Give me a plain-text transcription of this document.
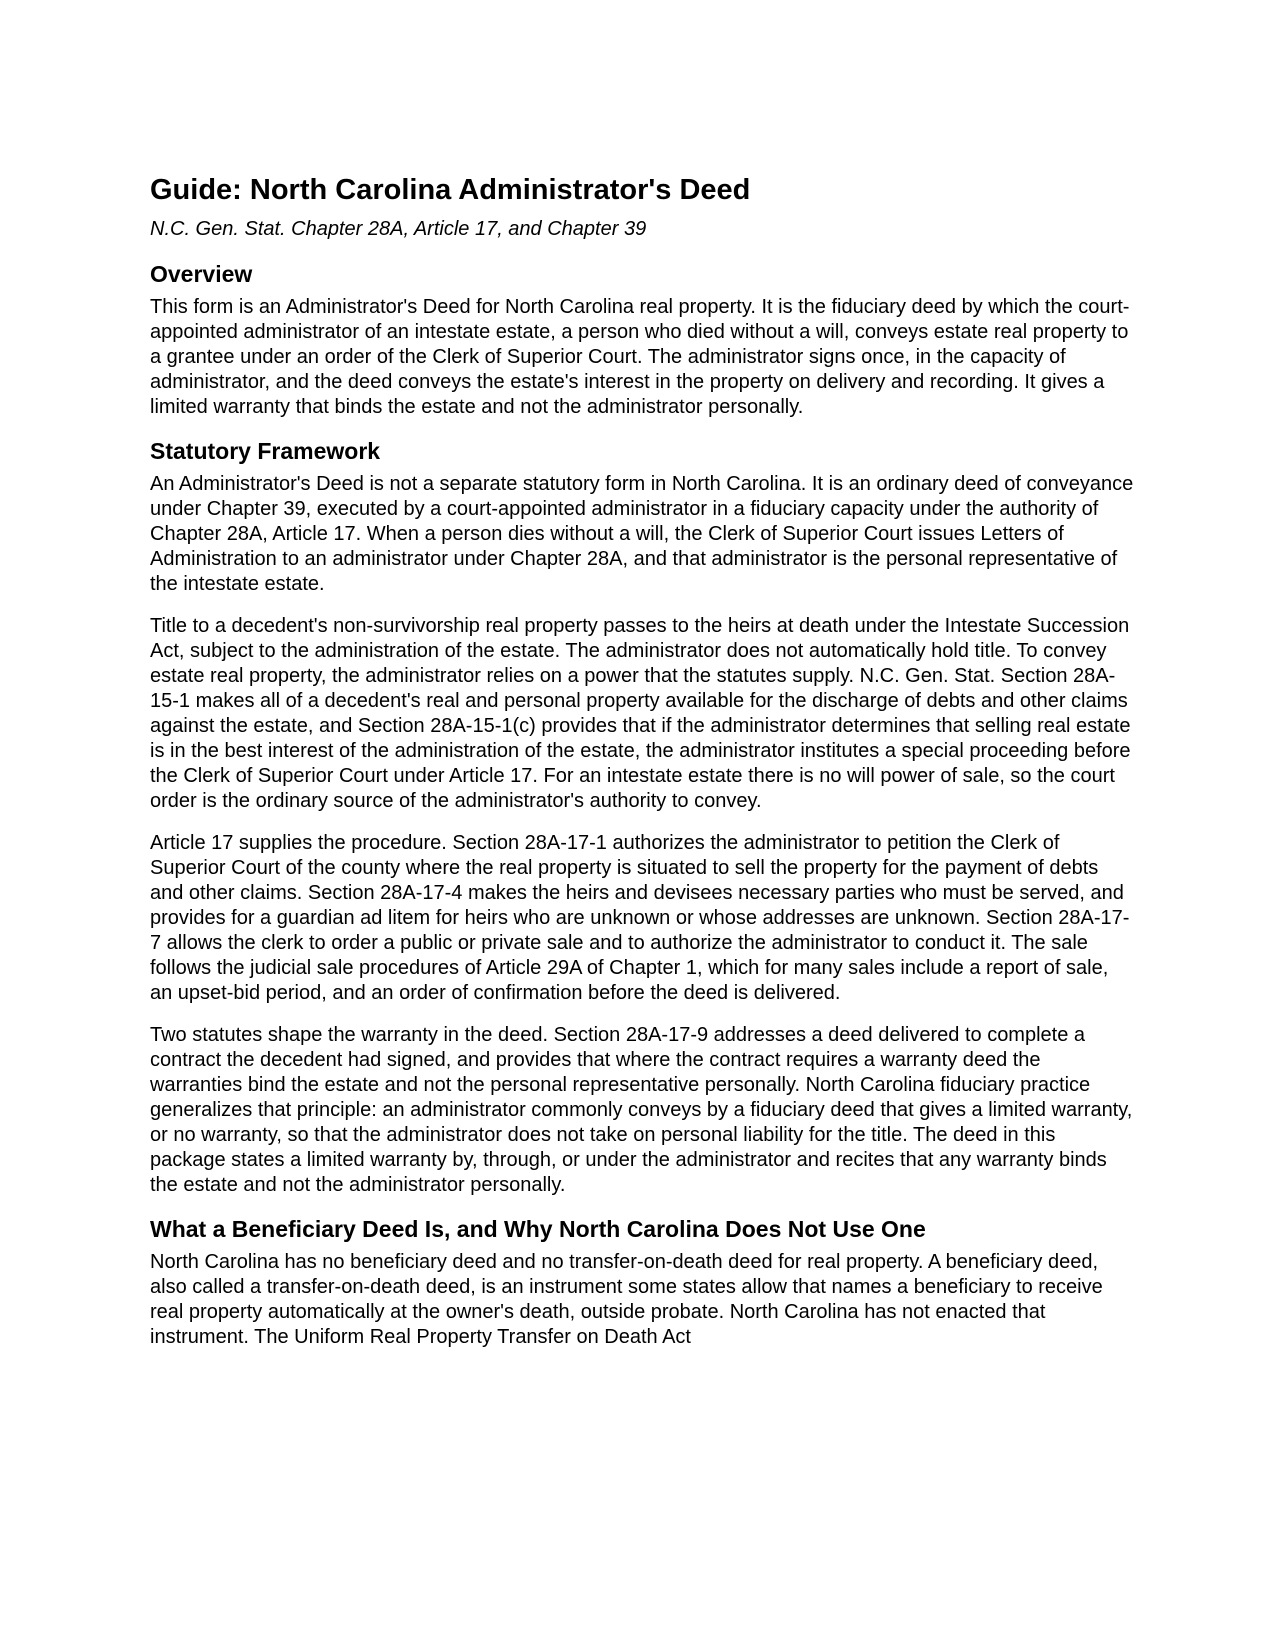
Guide: North Carolina Administrator's Deed
N.C. Gen. Stat. Chapter 28A, Article 17, and Chapter 39
Overview

This form is an Administrator's Deed for North Carolina real property. It is the fiduciary deed by which the court-appointed administrator of an intestate estate, a person who died without a will, conveys estate real property to a grantee under an order of the Clerk of Superior Court. The administrator signs once, in the capacity of administrator, and the deed conveys the estate's interest in the property on delivery and recording. It gives a limited warranty that binds the estate and not the administrator personally.

Statutory Framework

An Administrator's Deed is not a separate statutory form in North Carolina. It is an ordinary deed of conveyance under Chapter 39, executed by a court-appointed administrator in a fiduciary capacity under the authority of Chapter 28A, Article 17. When a person dies without a will, the Clerk of Superior Court issues Letters of Administration to an administrator under Chapter 28A, and that administrator is the personal representative of the intestate estate.

Title to a decedent's non-survivorship real property passes to the heirs at death under the Intestate Succession Act, subject to the administration of the estate. The administrator does not automatically hold title. To convey estate real property, the administrator relies on a power that the statutes supply. N.C. Gen. Stat. Section 28A-15-1 makes all of a decedent's real and personal property available for the discharge of debts and other claims against the estate, and Section 28A-15-1(c) provides that if the administrator determines that selling real estate is in the best interest of the administration of the estate, the administrator institutes a special proceeding before the Clerk of Superior Court under Article 17. For an intestate estate there is no will power of sale, so the court order is the ordinary source of the administrator's authority to convey.

Article 17 supplies the procedure. Section 28A-17-1 authorizes the administrator to petition the Clerk of Superior Court of the county where the real property is situated to sell the property for the payment of debts and other claims. Section 28A-17-4 makes the heirs and devisees necessary parties who must be served, and provides for a guardian ad litem for heirs who are unknown or whose addresses are unknown. Section 28A-17-7 allows the clerk to order a public or private sale and to authorize the administrator to conduct it. The sale follows the judicial sale procedures of Article 29A of Chapter 1, which for many sales include a report of sale, an upset-bid period, and an order of confirmation before the deed is delivered.

Two statutes shape the warranty in the deed. Section 28A-17-9 addresses a deed delivered to complete a contract the decedent had signed, and provides that where the contract requires a warranty deed the warranties bind the estate and not the personal representative personally. North Carolina fiduciary practice generalizes that principle: an administrator commonly conveys by a fiduciary deed that gives a limited warranty, or no warranty, so that the administrator does not take on personal liability for the title. The deed in this package states a limited warranty by, through, or under the administrator and recites that any warranty binds the estate and not the administrator personally.

What a Beneficiary Deed Is, and Why North Carolina Does Not Use One

North Carolina has no beneficiary deed and no transfer-on-death deed for real property. A beneficiary deed, also called a transfer-on-death deed, is an instrument some states allow that names a beneficiary to receive real property automatically at the owner's death, outside probate. North Carolina has not enacted that instrument. The Uniform Real Property Transfer on Death Act
